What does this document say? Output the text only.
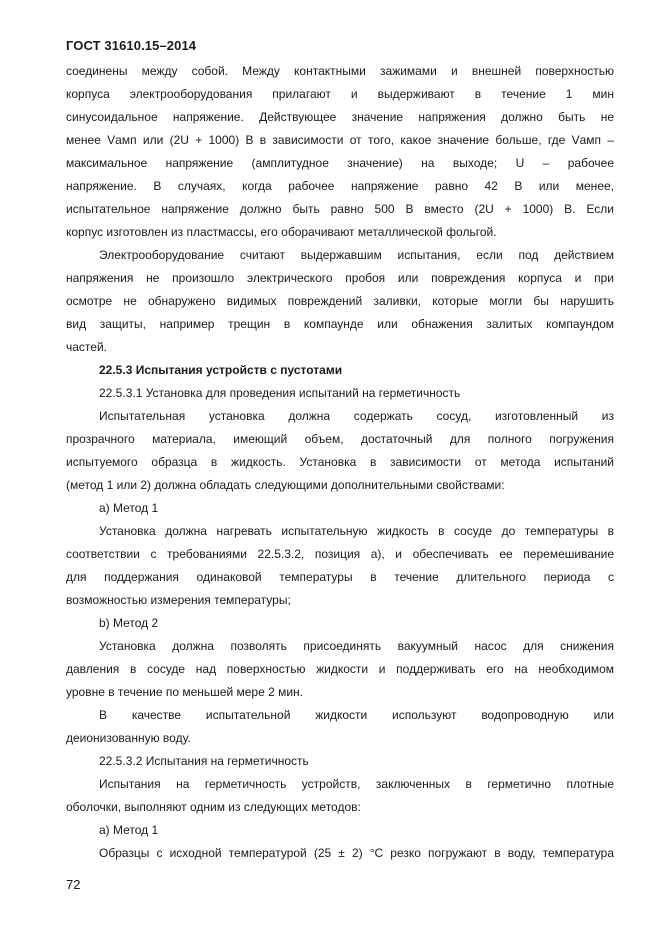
ГОСТ 31610.15–2014
соединены между собой. Между контактными зажимами и внешней поверхностью
корпуса электрооборудования прилагают и выдерживают в течение 1 мин
синусоидальное напряжение. Действующее значение напряжения должно быть не
менее Vамп или (2U + 1000) В в зависимости от того, какое значение больше, где Vамп –
максимальное напряжение (амплитудное значение) на выходе; U – рабочее
напряжение. В случаях, когда рабочее напряжение равно 42 В или менее,
испытательное напряжение должно быть равно 500 В вместо (2U + 1000) В. Если
корпус изготовлен из пластмассы, его оборачивают металлической фольгой.
Электрооборудование считают выдержавшим испытания, если под действием
напряжения не произошло электрического пробоя или повреждения корпуса и при
осмотре не обнаружено видимых повреждений заливки, которые могли бы нарушить
вид защиты, например трещин в компаунде или обнажения залитых компаундом
частей.
22.5.3 Испытания устройств с пустотами
22.5.3.1 Установка для проведения испытаний на герметичность
Испытательная установка должна содержать сосуд, изготовленный из
прозрачного материала, имеющий объем, достаточный для полного погружения
испытуемого образца в жидкость. Установка в зависимости от метода испытаний
(метод 1 или 2) должна обладать следующими дополнительными свойствами:
a) Метод 1
Установка должна нагревать испытательную жидкость в сосуде до температуры в
соответствии с требованиями 22.5.3.2, позиция a), и обеспечивать ее перемешивание
для поддержания одинаковой температуры в течение длительного периода с
возможностью измерения температуры;
b) Метод 2
Установка должна позволять присоединять вакуумный насос для снижения
давления в сосуде над поверхностью жидкости и поддерживать его на необходимом
уровне в течение по меньшей мере 2 мин.
В качестве испытательной жидкости используют водопроводную или
деионизованную воду.
22.5.3.2 Испытания на герметичность
Испытания на герметичность устройств, заключенных в герметично плотные
оболочки, выполняют одним из следующих методов:
a) Метод 1
Образцы с исходной температурой (25 ± 2) °С резко погружают в воду, температура
72
